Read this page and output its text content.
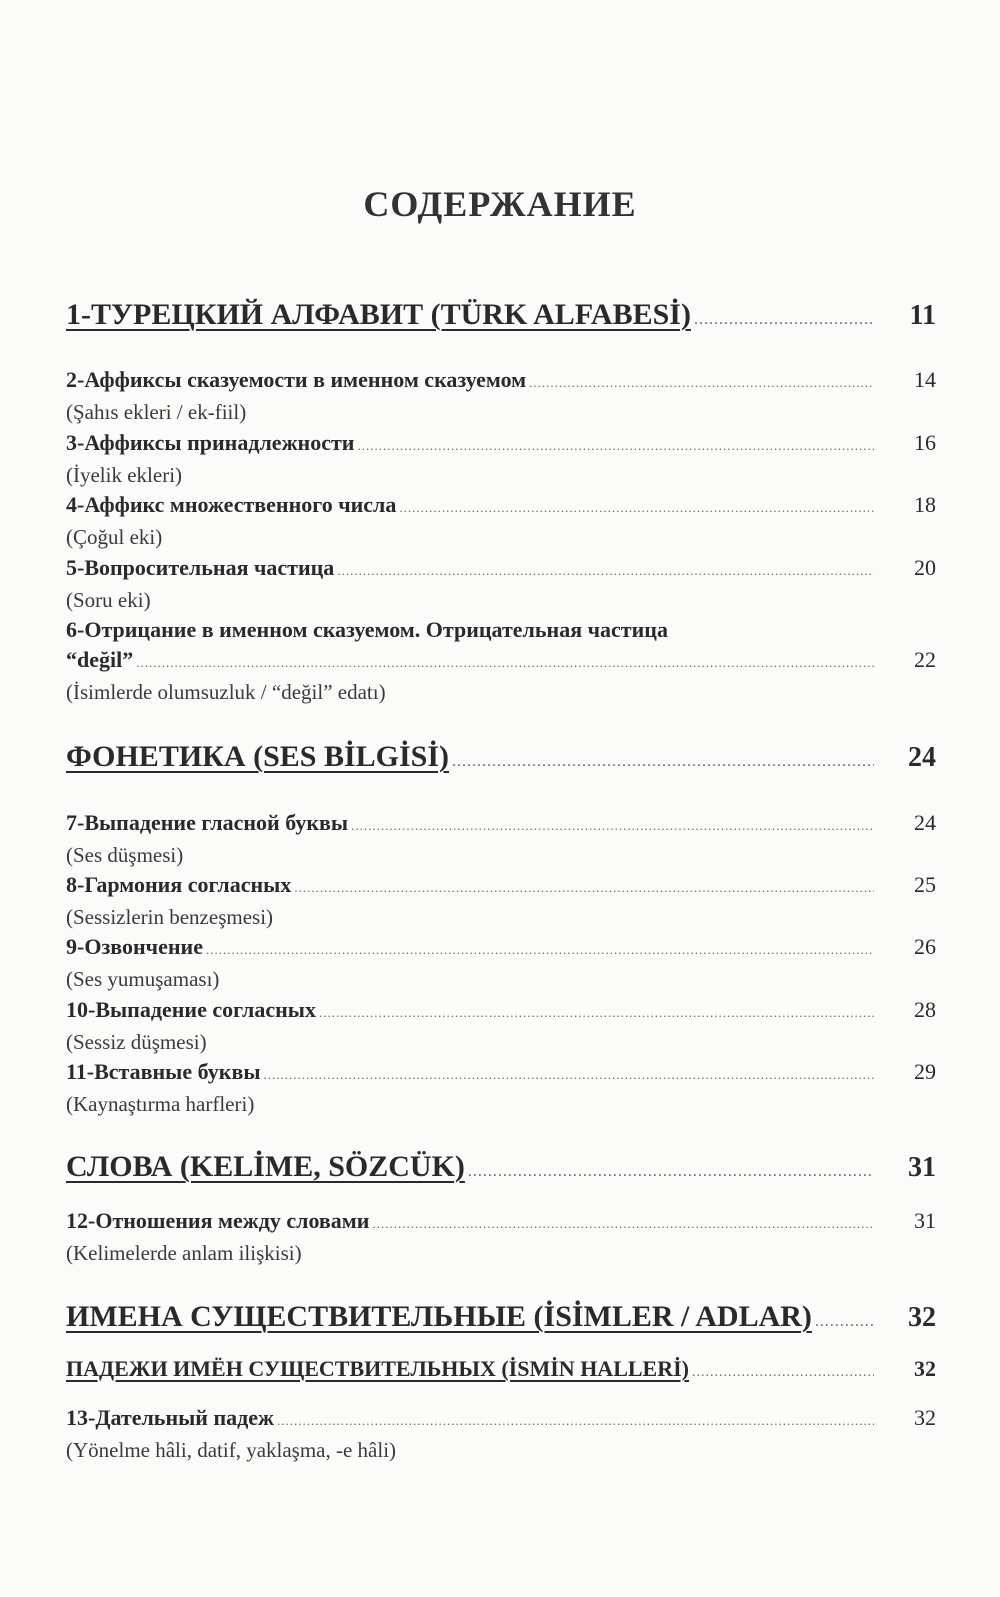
СОДЕРЖАНИЕ
1-ТУРЕЦКИЙ АЛФАВИТ (TÜRK ALFABESİ) .....	11
2-Аффиксы сказуемости в именном сказуемом .....	14
(Şahıs ekleri / ek-fiil)
3-Аффиксы принадлежности .....	16
(İyelik ekleri)
4-Аффикс множественного числа .....	18
(Çoğul eki)
5-Вопросительная частица .....	20
(Soru eki)
6-Отрицание в именном сказуемом. Отрицательная частица
“değil” .....	22
(İsimlerde olumsuzluk / “değil” edatı)
ФОНЕТИКА (SES BİLGİSİ) .....	24
7-Выпадение гласной буквы .....	24
(Ses düşmesi)
8-Гармония согласных .....	25
(Sessizlerin benzeşmesi)
9-Озвончение .....	26
(Ses yumuşaması)
10-Выпадение согласных .....	28
(Sessiz düşmesi)
11-Вставные буквы .....	29
(Kaynaştırma harfleri)
СЛОВА (KELİME, SÖZCÜK) .....	31
12-Отношения между словами .....	31
(Kelimelerde anlam ilişkisi)
ИМЕНА СУЩЕСТВИТЕЛЬНЫЕ (İSİMLER / ADLAR) .....	32
ПАДЕЖИ ИМЁН СУЩЕСТВИТЕЛЬНЫХ (İSMİN HALLERİ) .....	32
13-Дательный падеж .....	32
(Yönelme hâli, datif, yaklaşma, -e hâli)
